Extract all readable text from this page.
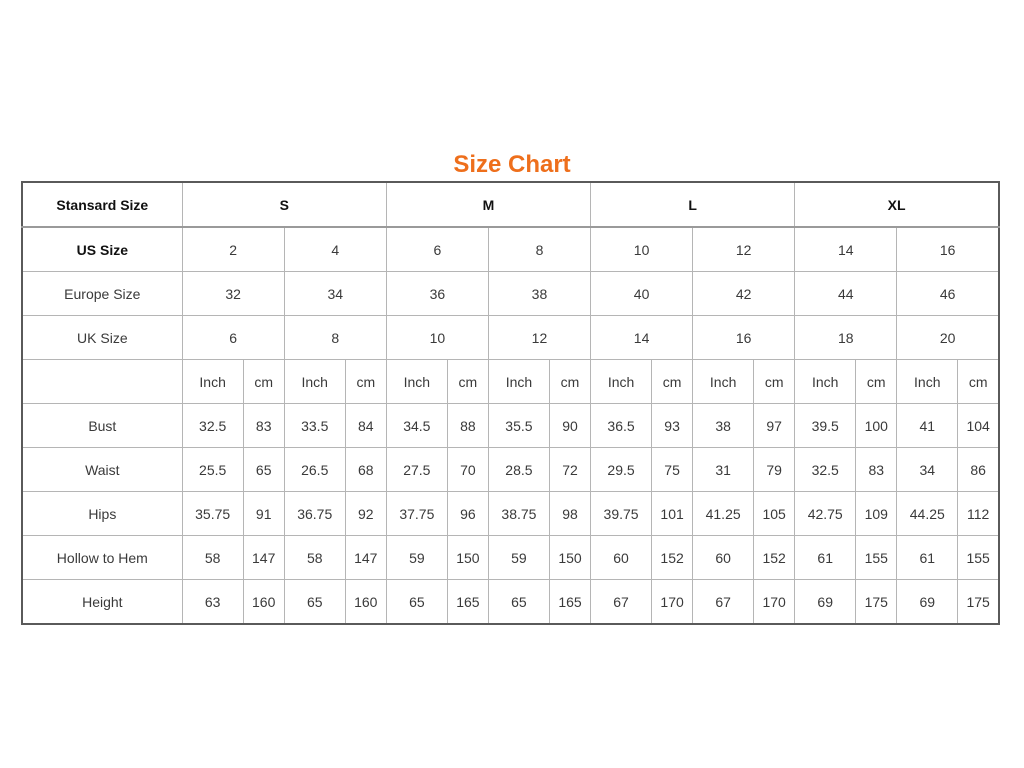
Size Chart
Stansard Size	S				M				L				XL			
US Size	2		4		6		8		10		12		14		16	
Europe Size	32		34		36		38		40		42		44		46	
UK Size	6		8		10		12		14		16		18		20	
	Inch	cm	Inch	cm	Inch	cm	Inch	cm	Inch	cm	Inch	cm	Inch	cm	Inch	cm
Bust	32.5	83	33.5	84	34.5	88	35.5	90	36.5	93	38	97	39.5	100	41	104
Waist	25.5	65	26.5	68	27.5	70	28.5	72	29.5	75	31	79	32.5	83	34	86
Hips	35.75	91	36.75	92	37.75	96	38.75	98	39.75	101	41.25	105	42.75	109	44.25	112
Hollow to Hem	58	147	58	147	59	150	59	150	60	152	60	152	61	155	61	155
Height	63	160	65	160	65	165	65	165	67	170	67	170	69	175	69	175
